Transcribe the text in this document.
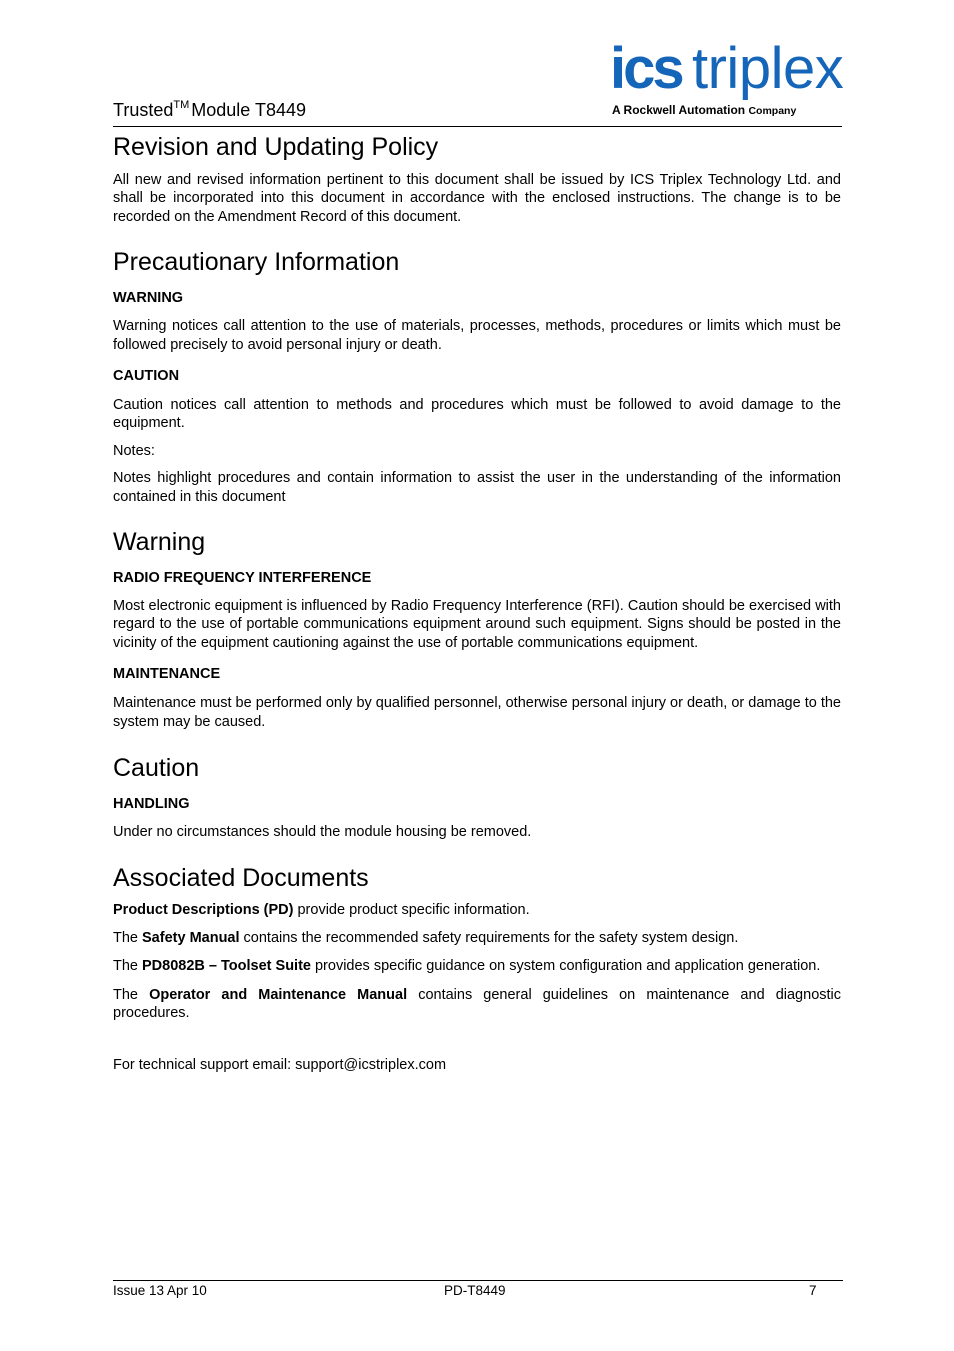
Trusted™ Module T8449
ics triplex
A Rockwell Automation Company
Revision and Updating Policy

All new and revised information pertinent to this document shall be issued by ICS Triplex Technology Ltd. and shall be incorporated into this document in accordance with the enclosed instructions. The change is to be recorded on the Amendment Record of this document.

Precautionary Information
WARNING

Warning notices call attention to the use of materials, processes, methods, procedures or limits which must be followed precisely to avoid personal injury or death.

CAUTION

Caution notices call attention to methods and procedures which must be followed to avoid damage to the equipment.

Notes:

Notes highlight procedures and contain information to assist the user in the understanding of the information contained in this document

Warning
RADIO FREQUENCY INTERFERENCE

Most electronic equipment is influenced by Radio Frequency Interference (RFI). Caution should be exercised with regard to the use of portable communications equipment around such equipment. Signs should be posted in the vicinity of the equipment cautioning against the use of portable communications equipment.

MAINTENANCE

Maintenance must be performed only by qualified personnel, otherwise personal injury or death, or damage to the system may be caused.

Caution
HANDLING

Under no circumstances should the module housing be removed.

Associated Documents

Product Descriptions (PD) provide product specific information.

The Safety Manual contains the recommended safety requirements for the safety system design.

The PD8082B – Toolset Suite provides specific guidance on system configuration and application generation.

The Operator and Maintenance Manual contains general guidelines on maintenance and diagnostic procedures.

For technical support email: support@icstriplex.com

Issue 13 Apr 10	PD-T8449	7
